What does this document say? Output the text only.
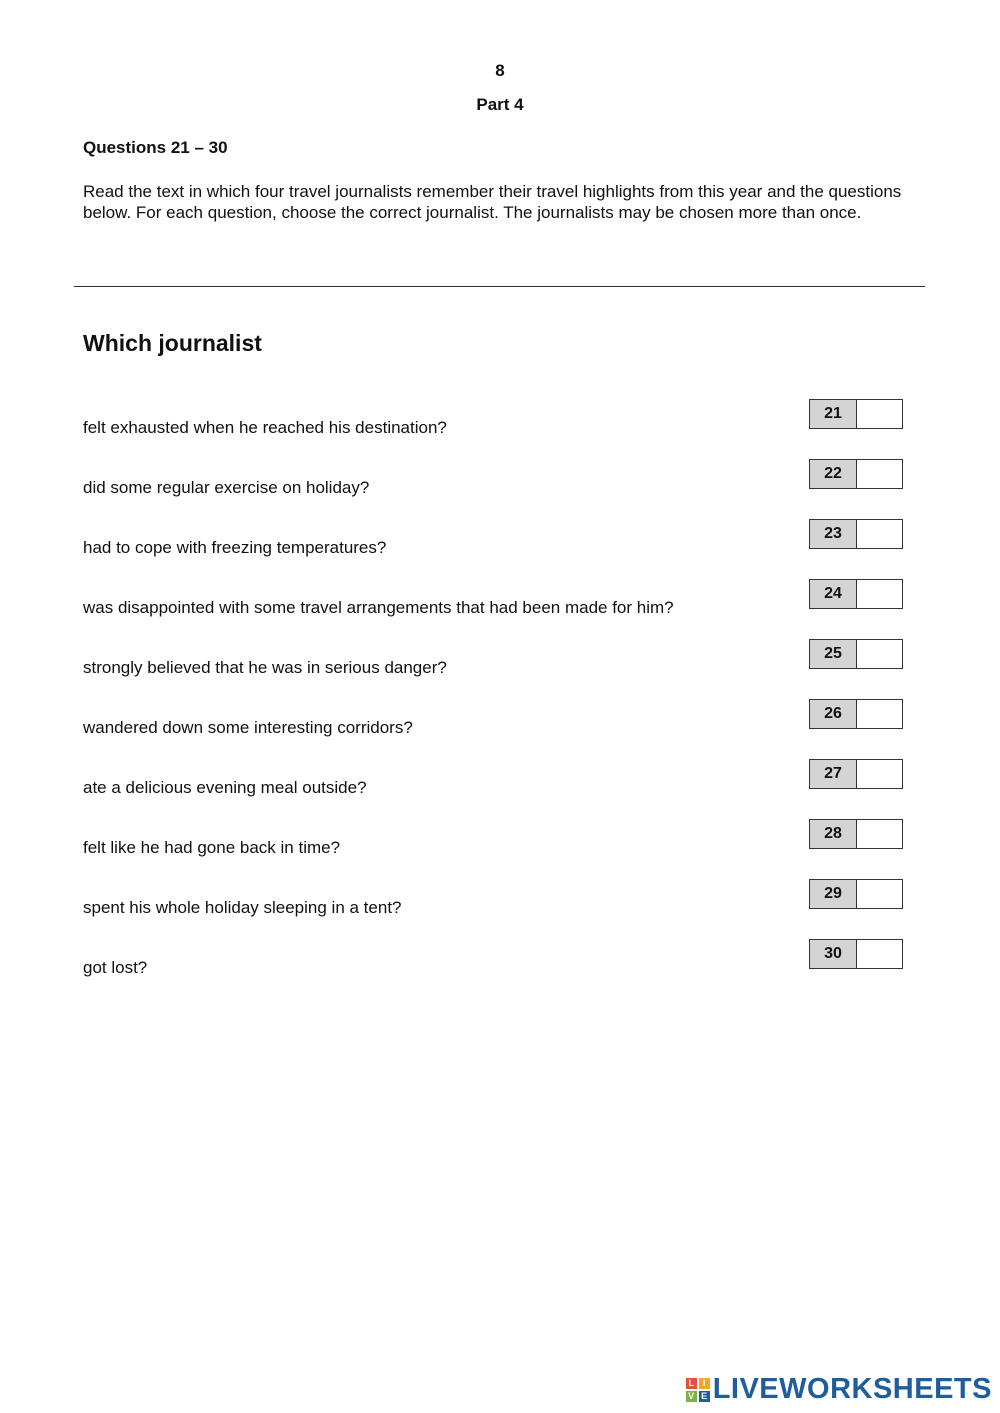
8
Part 4
Questions 21 – 30
Read the text in which four travel journalists remember their travel highlights from this year and the questions below. For each question, choose the correct journalist. The journalists may be chosen more than once.
Which journalist
felt exhausted when he reached his destination?
21
did some regular exercise on holiday?
22
had to cope with freezing temperatures?
23
was disappointed with some travel arrangements that had been made for him?
24
strongly believed that he was in serious danger?
25
wandered down some interesting corridors?
26
ate a delicious evening meal outside?
27
felt like he had gone back in time?
28
spent his whole holiday sleeping in a tent?
29
got lost?
30
L I
V E LIVEWORKSHEETS
